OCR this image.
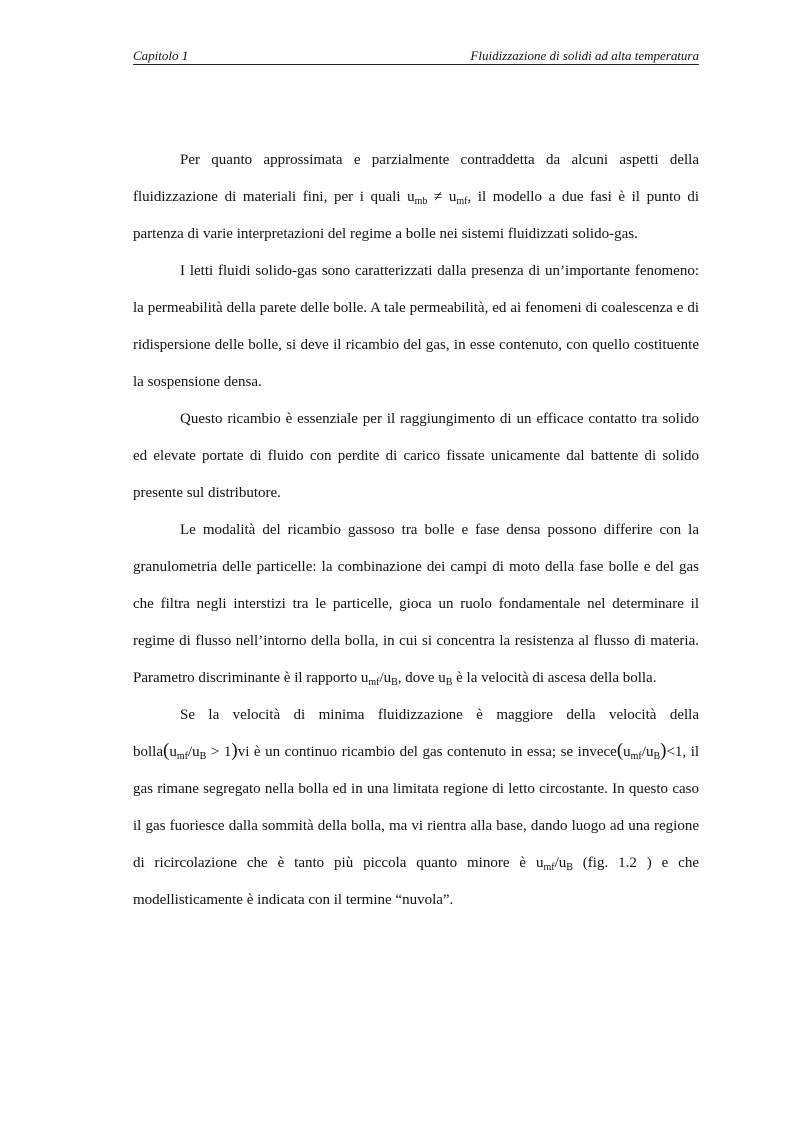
Capitolo 1	Fluidizzazione di solidi ad alta temperatura

Per quanto approssimata e parzialmente contraddetta da alcuni aspetti della fluidizzazione di materiali fini, per i quali $u_{mb} \ne u_{mf}$, il modello a due fasi è il punto di partenza di varie interpretazioni del regime a bolle nei sistemi fluidizzati solido-gas.

I letti fluidi solido-gas sono caratterizzati dalla presenza di un’importante fenomeno: la permeabilità della parete delle bolle. A tale permeabilità, ed ai fenomeni di coalescenza e di ridispersione delle bolle, si deve il ricambio del gas, in esse contenuto, con quello costituente la sospensione densa.

Questo ricambio è essenziale per il raggiungimento di un efficace contatto tra solido ed elevate portate di fluido con perdite di carico fissate unicamente dal battente di solido presente sul distributore.

Le modalità del ricambio gassoso tra bolle e fase densa possono differire con la granulometria delle particelle: la combinazione dei campi di moto della fase bolle e del gas che filtra negli interstizi tra le particelle, gioca un ruolo fondamentale nel determinare il regime di flusso nell’intorno della bolla, in cui si concentra la resistenza al flusso di materia. Parametro discriminante è il rapporto $u_{mf}/u_B$, dove $u_B$ è la velocità di ascesa della bolla.

Se la velocità di minima fluidizzazione è maggiore della velocità della $bolla(u_{mf}/u_B > 1)vi$ è un continuo ricambio del gas contenuto in essa; se $invece(u_{mf}/u_B)<1$, il gas rimane segregato nella bolla ed in una limitata regione di letto circostante. In questo caso il gas fuoriesce dalla sommità della bolla, ma vi rientra alla base, dando luogo ad una regione di ricircolazione che è tanto più piccola quanto minore è $u_{mf}/u_B$ (fig. 1.2 ) e che modellisticamente è indicata con il termine “nuvola”.
